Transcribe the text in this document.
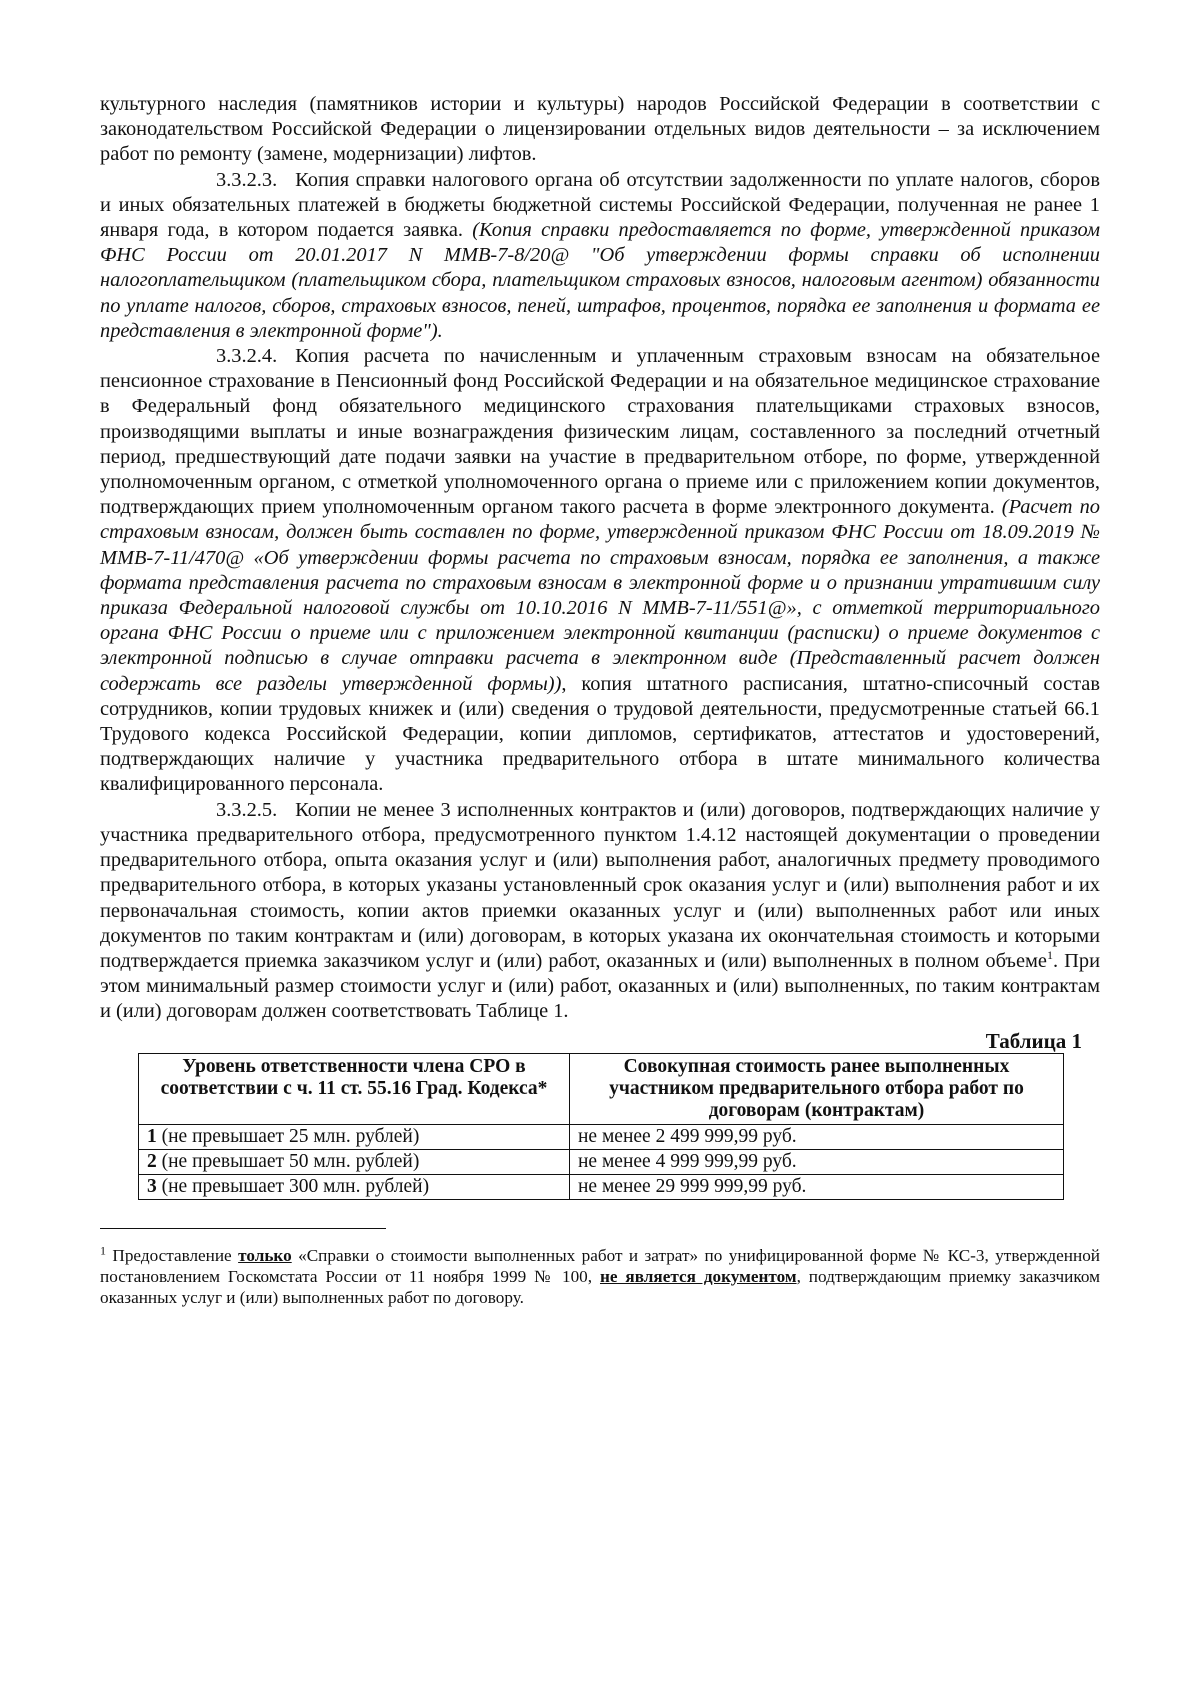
культурного наследия (памятников истории и культуры) народов Российской Федерации в соответствии с законодательством Российской Федерации о лицензировании отдельных видов деятельности – за исключением работ по ремонту (замене, модернизации) лифтов.

3.3.2.3. Копия справки налогового органа об отсутствии задолженности по уплате налогов, сборов и иных обязательных платежей в бюджеты бюджетной системы Российской Федерации, полученная не ранее 1 января года, в котором подается заявка. (Копия справки предоставляется по форме, утвержденной приказом ФНС России от 20.01.2017 N ММВ-7-8/20@ "Об утверждении формы справки об исполнении налогоплательщиком (плательщиком сбора, плательщиком страховых взносов, налоговым агентом) обязанности по уплате налогов, сборов, страховых взносов, пеней, штрафов, процентов, порядка ее заполнения и формата ее представления в электронной форме").

3.3.2.4. Копия расчета по начисленным и уплаченным страховым взносам на обязательное пенсионное страхование в Пенсионный фонд Российской Федерации и на обязательное медицинское страхование в Федеральный фонд обязательного медицинского страхования плательщиками страховых взносов, производящими выплаты и иные вознаграждения физическим лицам, составленного за последний отчетный период, предшествующий дате подачи заявки на участие в предварительном отборе, по форме, утвержденной уполномоченным органом, с отметкой уполномоченного органа о приеме или с приложением копии документов, подтверждающих прием уполномоченным органом такого расчета в форме электронного документа. (Расчет по страховым взносам, должен быть составлен по форме, утвержденной приказом ФНС России от 18.09.2019 № ММВ-7-11/470@ «Об утверждении формы расчета по страховым взносам, порядка ее заполнения, а также формата представления расчета по страховым взносам в электронной форме и о признании утратившим силу приказа Федеральной налоговой службы от 10.10.2016 N ММВ-7-11/551@», с отметкой территориального органа ФНС России о приеме или с приложением электронной квитанции (расписки) о приеме документов с электронной подписью в случае отправки расчета в электронном виде (Представленный расчет должен содержать все разделы утвержденной формы)), копия штатного расписания, штатно-списочный состав сотрудников, копии трудовых книжек и (или) сведения о трудовой деятельности, предусмотренные статьей 66.1 Трудового кодекса Российской Федерации, копии дипломов, сертификатов, аттестатов и удостоверений, подтверждающих наличие у участника предварительного отбора в штате минимального количества квалифицированного персонала.

3.3.2.5. Копии не менее 3 исполненных контрактов и (или) договоров, подтверждающих наличие у участника предварительного отбора, предусмотренного пунктом 1.4.12 настоящей документации о проведении предварительного отбора, опыта оказания услуг и (или) выполнения работ, аналогичных предмету проводимого предварительного отбора, в которых указаны установленный срок оказания услуг и (или) выполнения работ и их первоначальная стоимость, копии актов приемки оказанных услуг и (или) выполненных работ или иных документов по таким контрактам и (или) договорам, в которых указана их окончательная стоимость и которыми подтверждается приемка заказчиком услуг и (или) работ, оказанных и (или) выполненных в полном объеме$^1$. При этом минимальный размер стоимости услуг и (или) работ, оказанных и (или) выполненных, по таким контрактам и (или) договорам должен соответствовать Таблице 1.

Таблица 1
Уровень ответственности члена СРО в соответствии с ч. 11 ст. 55.16 Град. Кодекса*	Совокупная стоимость ранее выполненных участником предварительного отбора работ по договорам (контрактам)
1 (не превышает 25 млн. рублей)	не менее 2 499 999,99 руб.
2 (не превышает 50 млн. рублей)	не менее 4 999 999,99 руб.
3 (не превышает 300 млн. рублей)	не менее 29 999 999,99 руб.

$^1$ Предоставление только «Справки о стоимости выполненных работ и затрат» по унифицированной форме № КС-3, утвержденной постановлением Госкомстата России от 11 ноября 1999 № 100, не является документом, подтверждающим приемку заказчиком оказанных услуг и (или) выполненных работ по договору.
